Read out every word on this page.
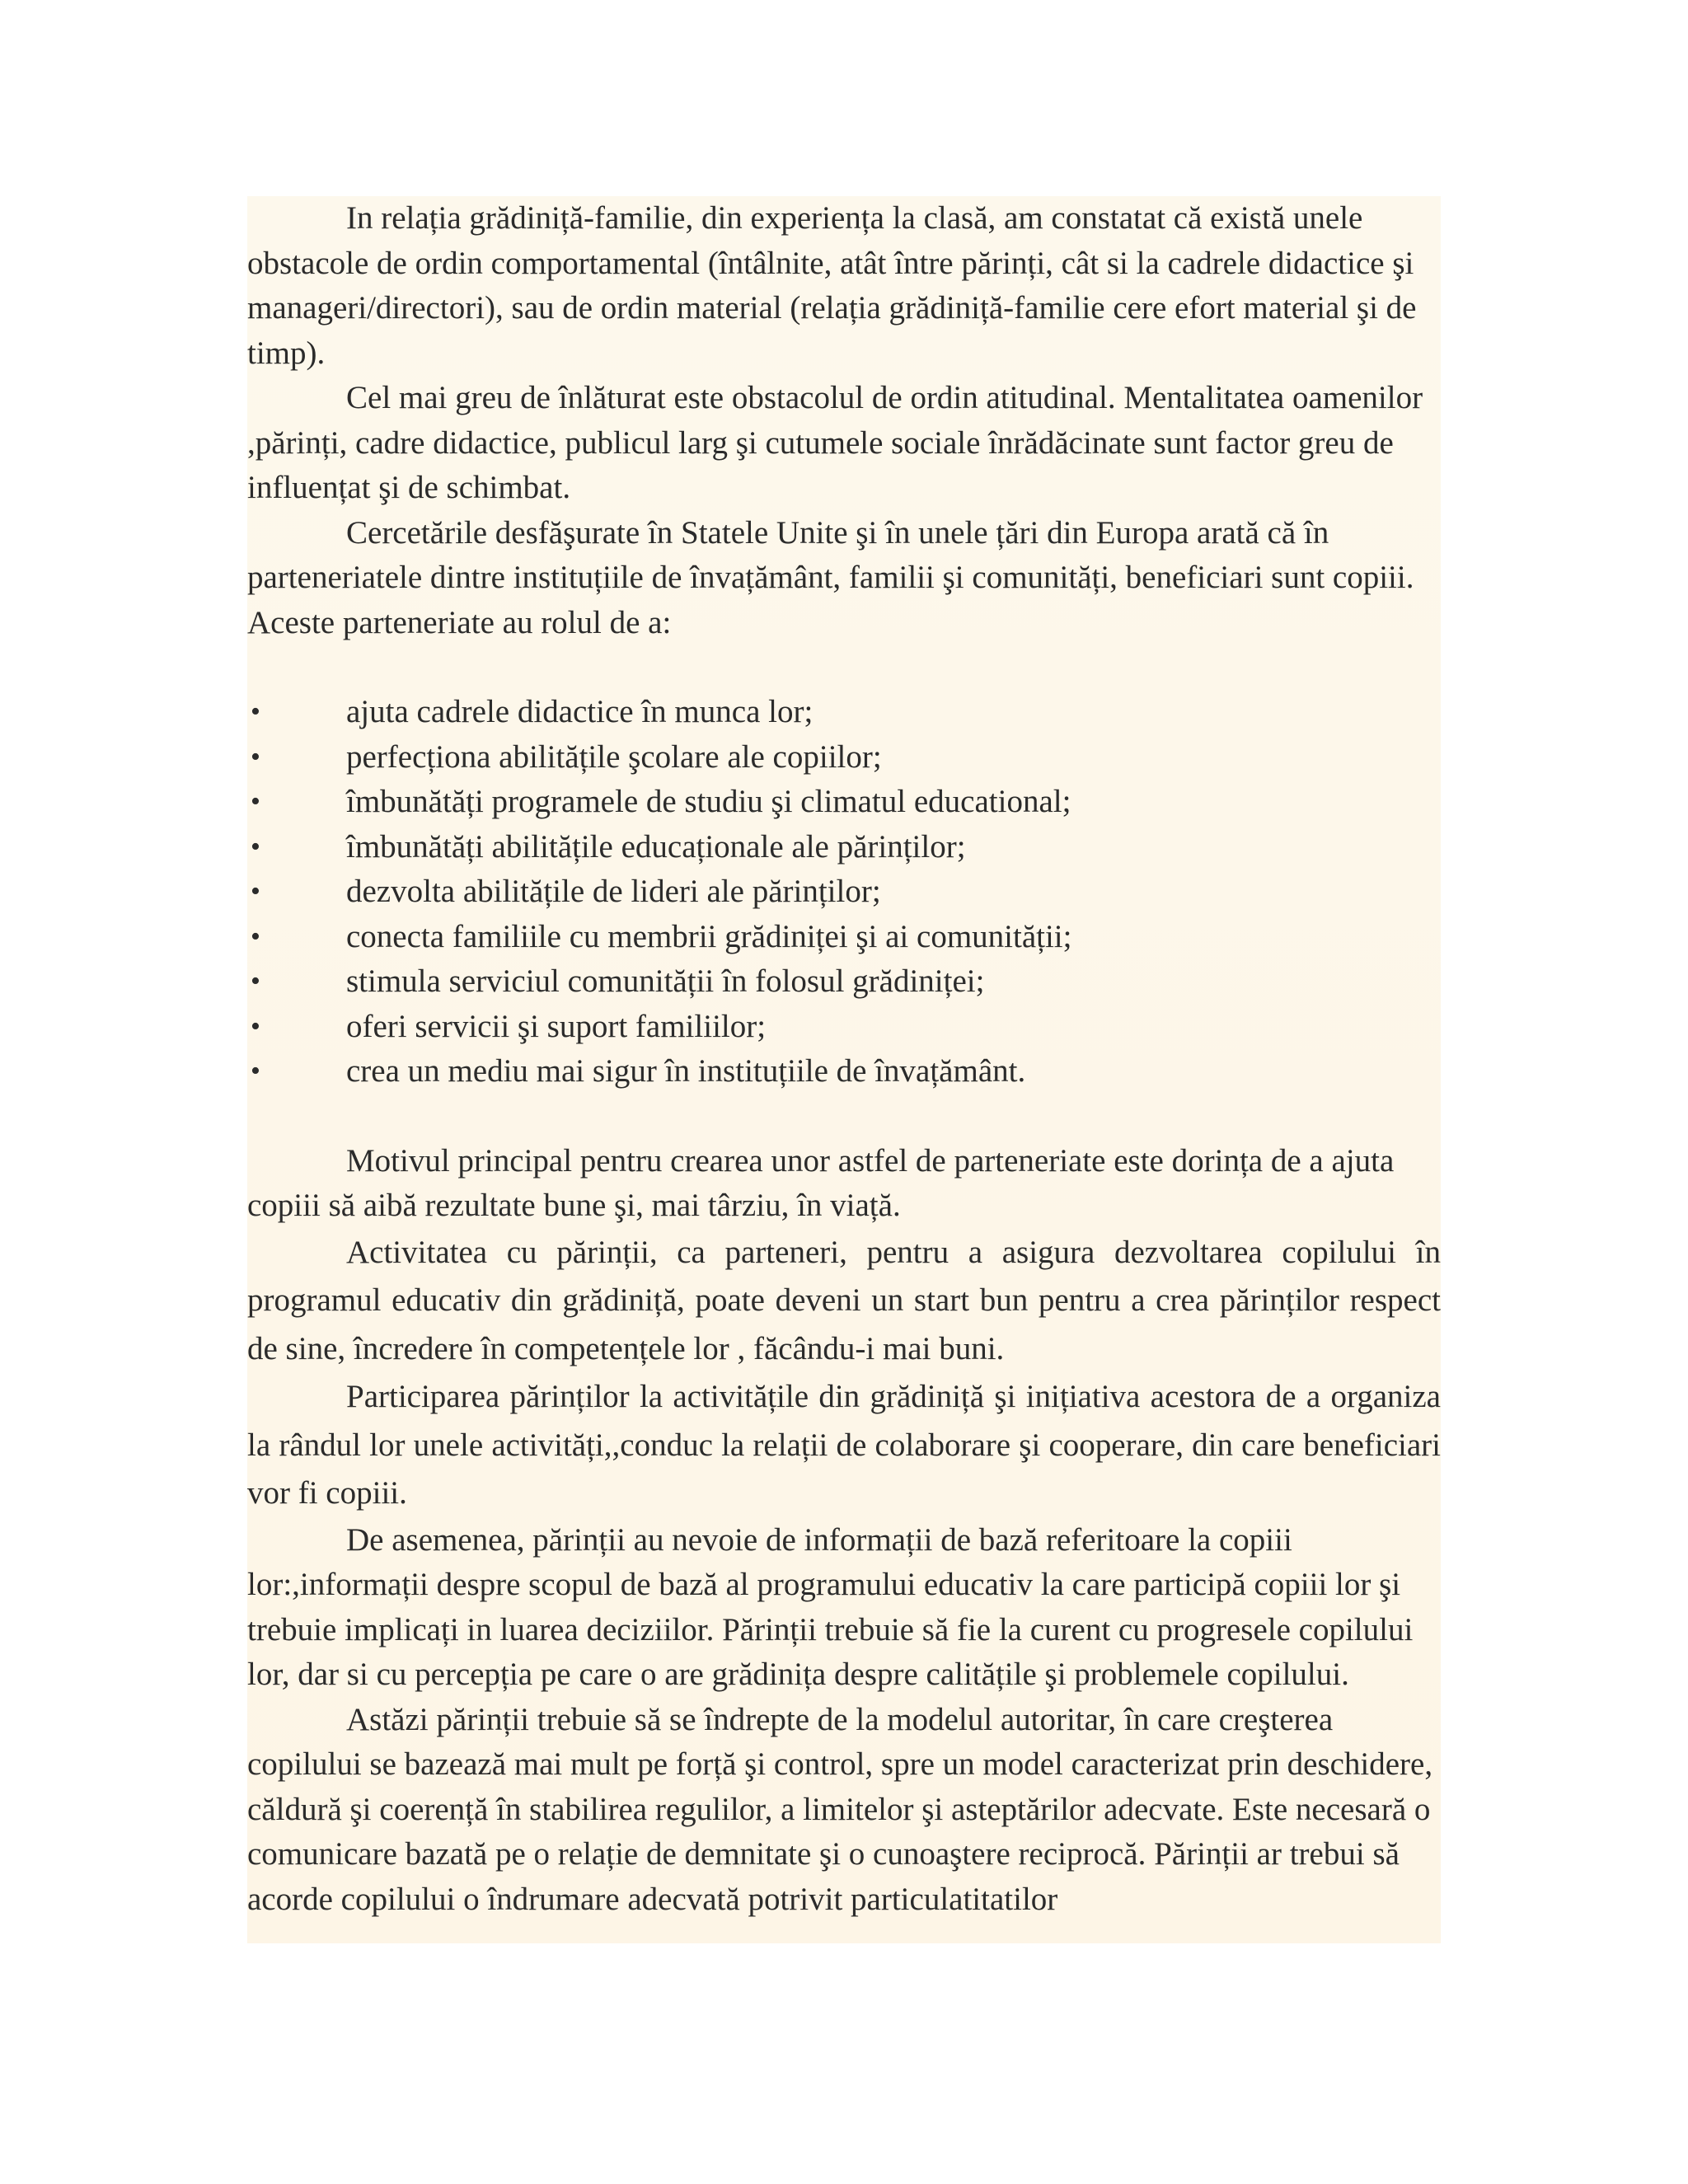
In relația grădiniță-familie, din experiența la clasă, am constatat că există unele obstacole de ordin comportamental (întâlnite, atât între părinți, cât si la cadrele didactice şi manageri/directori), sau de ordin material (relația grădiniță-familie cere efort material şi de timp).

Cel mai greu de înlăturat este obstacolul de ordin atitudinal. Mentalitatea oamenilor ,părinți, cadre didactice, publicul larg şi cutumele sociale înrădăcinate sunt factor greu de influențat şi de schimbat.

Cercetările desfăşurate în Statele Unite şi în unele țări din Europa arată că în parteneriatele dintre instituțiile de învațământ, familii şi comunități, beneficiari sunt copiii. Aceste parteneriate au rolul de a:

•	ajuta cadrele didactice în munca lor;
•	perfecționa abilitățile şcolare ale copiilor;
•	îmbunătăți programele de studiu şi climatul educational;
•	îmbunătăți abilitățile educaționale ale părinților;
•	dezvolta abilitățile de lideri ale părinților;
•	conecta familiile cu membrii grădiniței şi ai comunității;
•	stimula serviciul comunității în folosul grădiniței;
•	oferi servicii şi suport familiilor;
•	crea un mediu mai sigur în instituțiile de învațământ.

Motivul principal pentru crearea unor astfel de parteneriate este dorința de a ajuta copiii să aibă rezultate bune şi, mai târziu, în viață.

Activitatea cu părinții, ca parteneri, pentru a asigura dezvoltarea copilului în programul educativ din grădiniță, poate deveni un start bun pentru a crea părinților respect de sine, încredere în competențele lor , făcându-i mai buni.

Participarea părinților la activitățile din grădiniță şi inițiativa acestora de a organiza la rândul lor unele activități,,conduc la relații de colaborare şi cooperare, din care beneficiari vor fi copiii.

De asemenea, părinții au nevoie de informații de bază referitoare la copiii lor:,informații despre scopul de bază al programului educativ la care participă copiii lor şi trebuie implicați in luarea deciziilor. Părinții trebuie să fie la curent cu progresele copilului lor, dar si cu percepția pe care o are grădinița despre calitățile şi problemele copilului.

Astăzi părinții trebuie să se îndrepte de la modelul autoritar, în care creşterea copilului se bazează mai mult pe forță şi control, spre un model caracterizat prin deschidere, căldură şi coerență în stabilirea regulilor, a limitelor şi asteptărilor adecvate. Este necesară o comunicare bazată pe o relație de demnitate şi o cunoaştere reciprocă. Părinții ar trebui să acorde copilului o îndrumare adecvată potrivit particulatitatilor
